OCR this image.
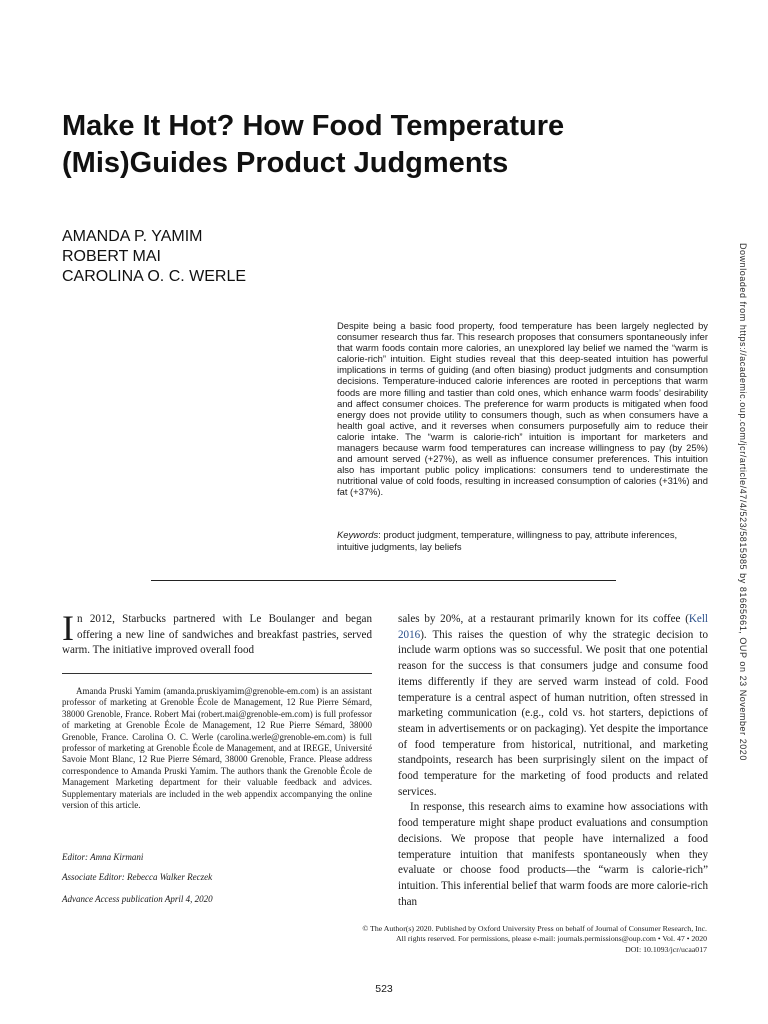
Make It Hot? How Food Temperature
(Mis)Guides Product Judgments
AMANDA P. YAMIM
ROBERT MAI
CAROLINA O. C. WERLE
Despite being a basic food property, food temperature has been largely neglected by consumer research thus far. This research proposes that consumers spontaneously infer that warm foods contain more calories, an unexplored lay belief we named the “warm is calorie-rich” intuition. Eight studies reveal that this deep-seated intuition has powerful implications in terms of guiding (and often biasing) product judgments and consumption decisions. Temperature-induced calorie inferences are rooted in perceptions that warm foods are more filling and tastier than cold ones, which enhance warm foods’ desirability and affect consumer choices. The preference for warm products is mitigated when food energy does not provide utility to consumers though, such as when consumers have a health goal active, and it reverses when consumers purposefully aim to reduce their calorie intake. The “warm is calorie-rich” intuition is important for marketers and managers because warm food temperatures can increase willingness to pay (by 25%) and amount served (+27%), as well as influence consumer preferences. This intuition also has important public policy implications: consumers tend to underestimate the nutritional value of cold foods, resulting in increased consumption of calories (+31%) and fat (+37%).
Keywords: product judgment, temperature, willingness to pay, attribute inferences, intuitive judgments, lay beliefs
In 2012, Starbucks partnered with Le Boulanger and began offering a new line of sandwiches and breakfast pastries, served warm. The initiative improved overall food
Amanda Pruski Yamim (amanda.pruskiyamim@grenoble-em.com) is an assistant professor of marketing at Grenoble École de Management, 12 Rue Pierre Sémard, 38000 Grenoble, France. Robert Mai (robert.mai@grenoble-em.com) is full professor of marketing at Grenoble École de Management, 12 Rue Pierre Sémard, 38000 Grenoble, France. Carolina O. C. Werle (carolina.werle@grenoble-em.com) is full professor of marketing at Grenoble École de Management, and at IREGE, Université Savoie Mont Blanc, 12 Rue Pierre Sémard, 38000 Grenoble, France. Please address correspondence to Amanda Pruski Yamim. The authors thank the Grenoble École de Management Marketing department for their valuable feedback and advices. Supplementary materials are included in the web appendix accompanying the online version of this article.
Editor: Amna Kirmani
Associate Editor: Rebecca Walker Reczek
Advance Access publication April 4, 2020
sales by 20%, at a restaurant primarily known for its coffee (Kell 2016). This raises the question of why the strategic decision to include warm options was so successful. We posit that one potential reason for the success is that consumers judge and consume food items differently if they are served warm instead of cold. Food temperature is a central aspect of human nutrition, often stressed in marketing communication (e.g., cold vs. hot starters, depictions of steam in advertisements or on packaging). Yet despite the importance of food temperature from historical, nutritional, and marketing standpoints, research has been surprisingly silent on the impact of food temperature for the marketing of food products and related services.
In response, this research aims to examine how associations with food temperature might shape product evaluations and consumption decisions. We propose that people have internalized a food temperature intuition that manifests spontaneously when they evaluate or choose food products—the “warm is calorie-rich” intuition. This inferential belief that warm foods are more calorie-rich than
© The Author(s) 2020. Published by Oxford University Press on behalf of Journal of Consumer Research, Inc.
All rights reserved. For permissions, please e-mail: journals.permissions@oup.com • Vol. 47 • 2020
DOI: 10.1093/jcr/ucaa017
523
Downloaded from https://academic.oup.com/jcr/article/47/4/523/5815985 by 81665661, OUP on 23 November 2020
